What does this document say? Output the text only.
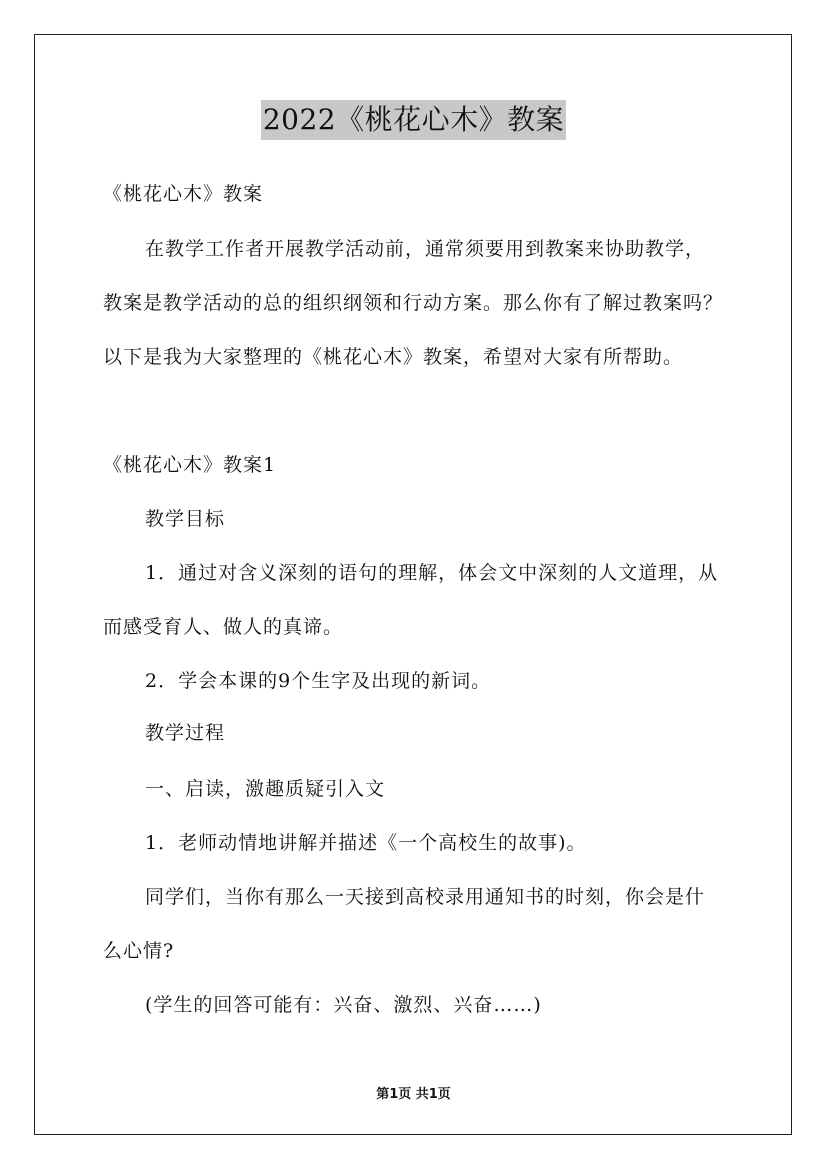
2022《桃花心木》教案
《桃花心木》教案
在教学工作者开展教学活动前，通常须要用到教案来协助教学，
教案是教学活动的总的组织纲领和行动方案。那么你有了解过教案吗？
以下是我为大家整理的《桃花心木》教案，希望对大家有所帮助。
《桃花心木》教案1
教学目标
1．通过对含义深刻的语句的理解，体会文中深刻的人文道理，从
而感受育人、做人的真谛。
2．学会本课的9个生字及出现的新词。
教学过程
一、启读，激趣质疑引入文
1．老师动情地讲解并描述《一个高校生的故事)。
同学们，当你有那么一天接到高校录用通知书的时刻，你会是什
么心情?
(学生的回答可能有：兴奋、激烈、兴奋……)
第1页 共1页
